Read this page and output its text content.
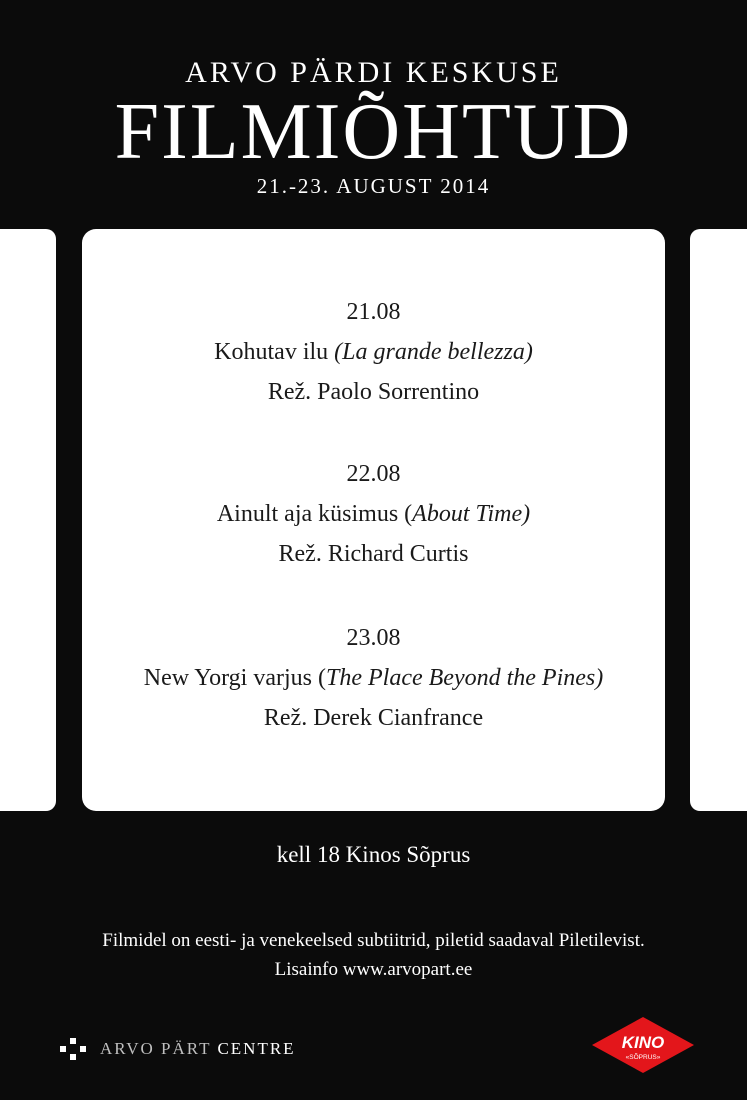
ARVO PÄRDI KESKUSE
FILMIÕHTUD
21.-23. AUGUST 2014
21.08
Kohutav ilu (La grande bellezza)
Rež. Paolo Sorrentino
22.08
Ainult aja küsimus (About Time)
Rež. Richard Curtis
23.08
New Yorgi varjus (The Place Beyond the Pines)
Rež. Derek Cianfrance
kell 18 Kinos Sõprus
Filmidel on eesti- ja venekeelsed subtiitrid, piletid saadaval Piletilevist.
Lisainfo www.arvopart.ee
ARVO PÄRT CENTRE	KINO
«SÕPRUS»
